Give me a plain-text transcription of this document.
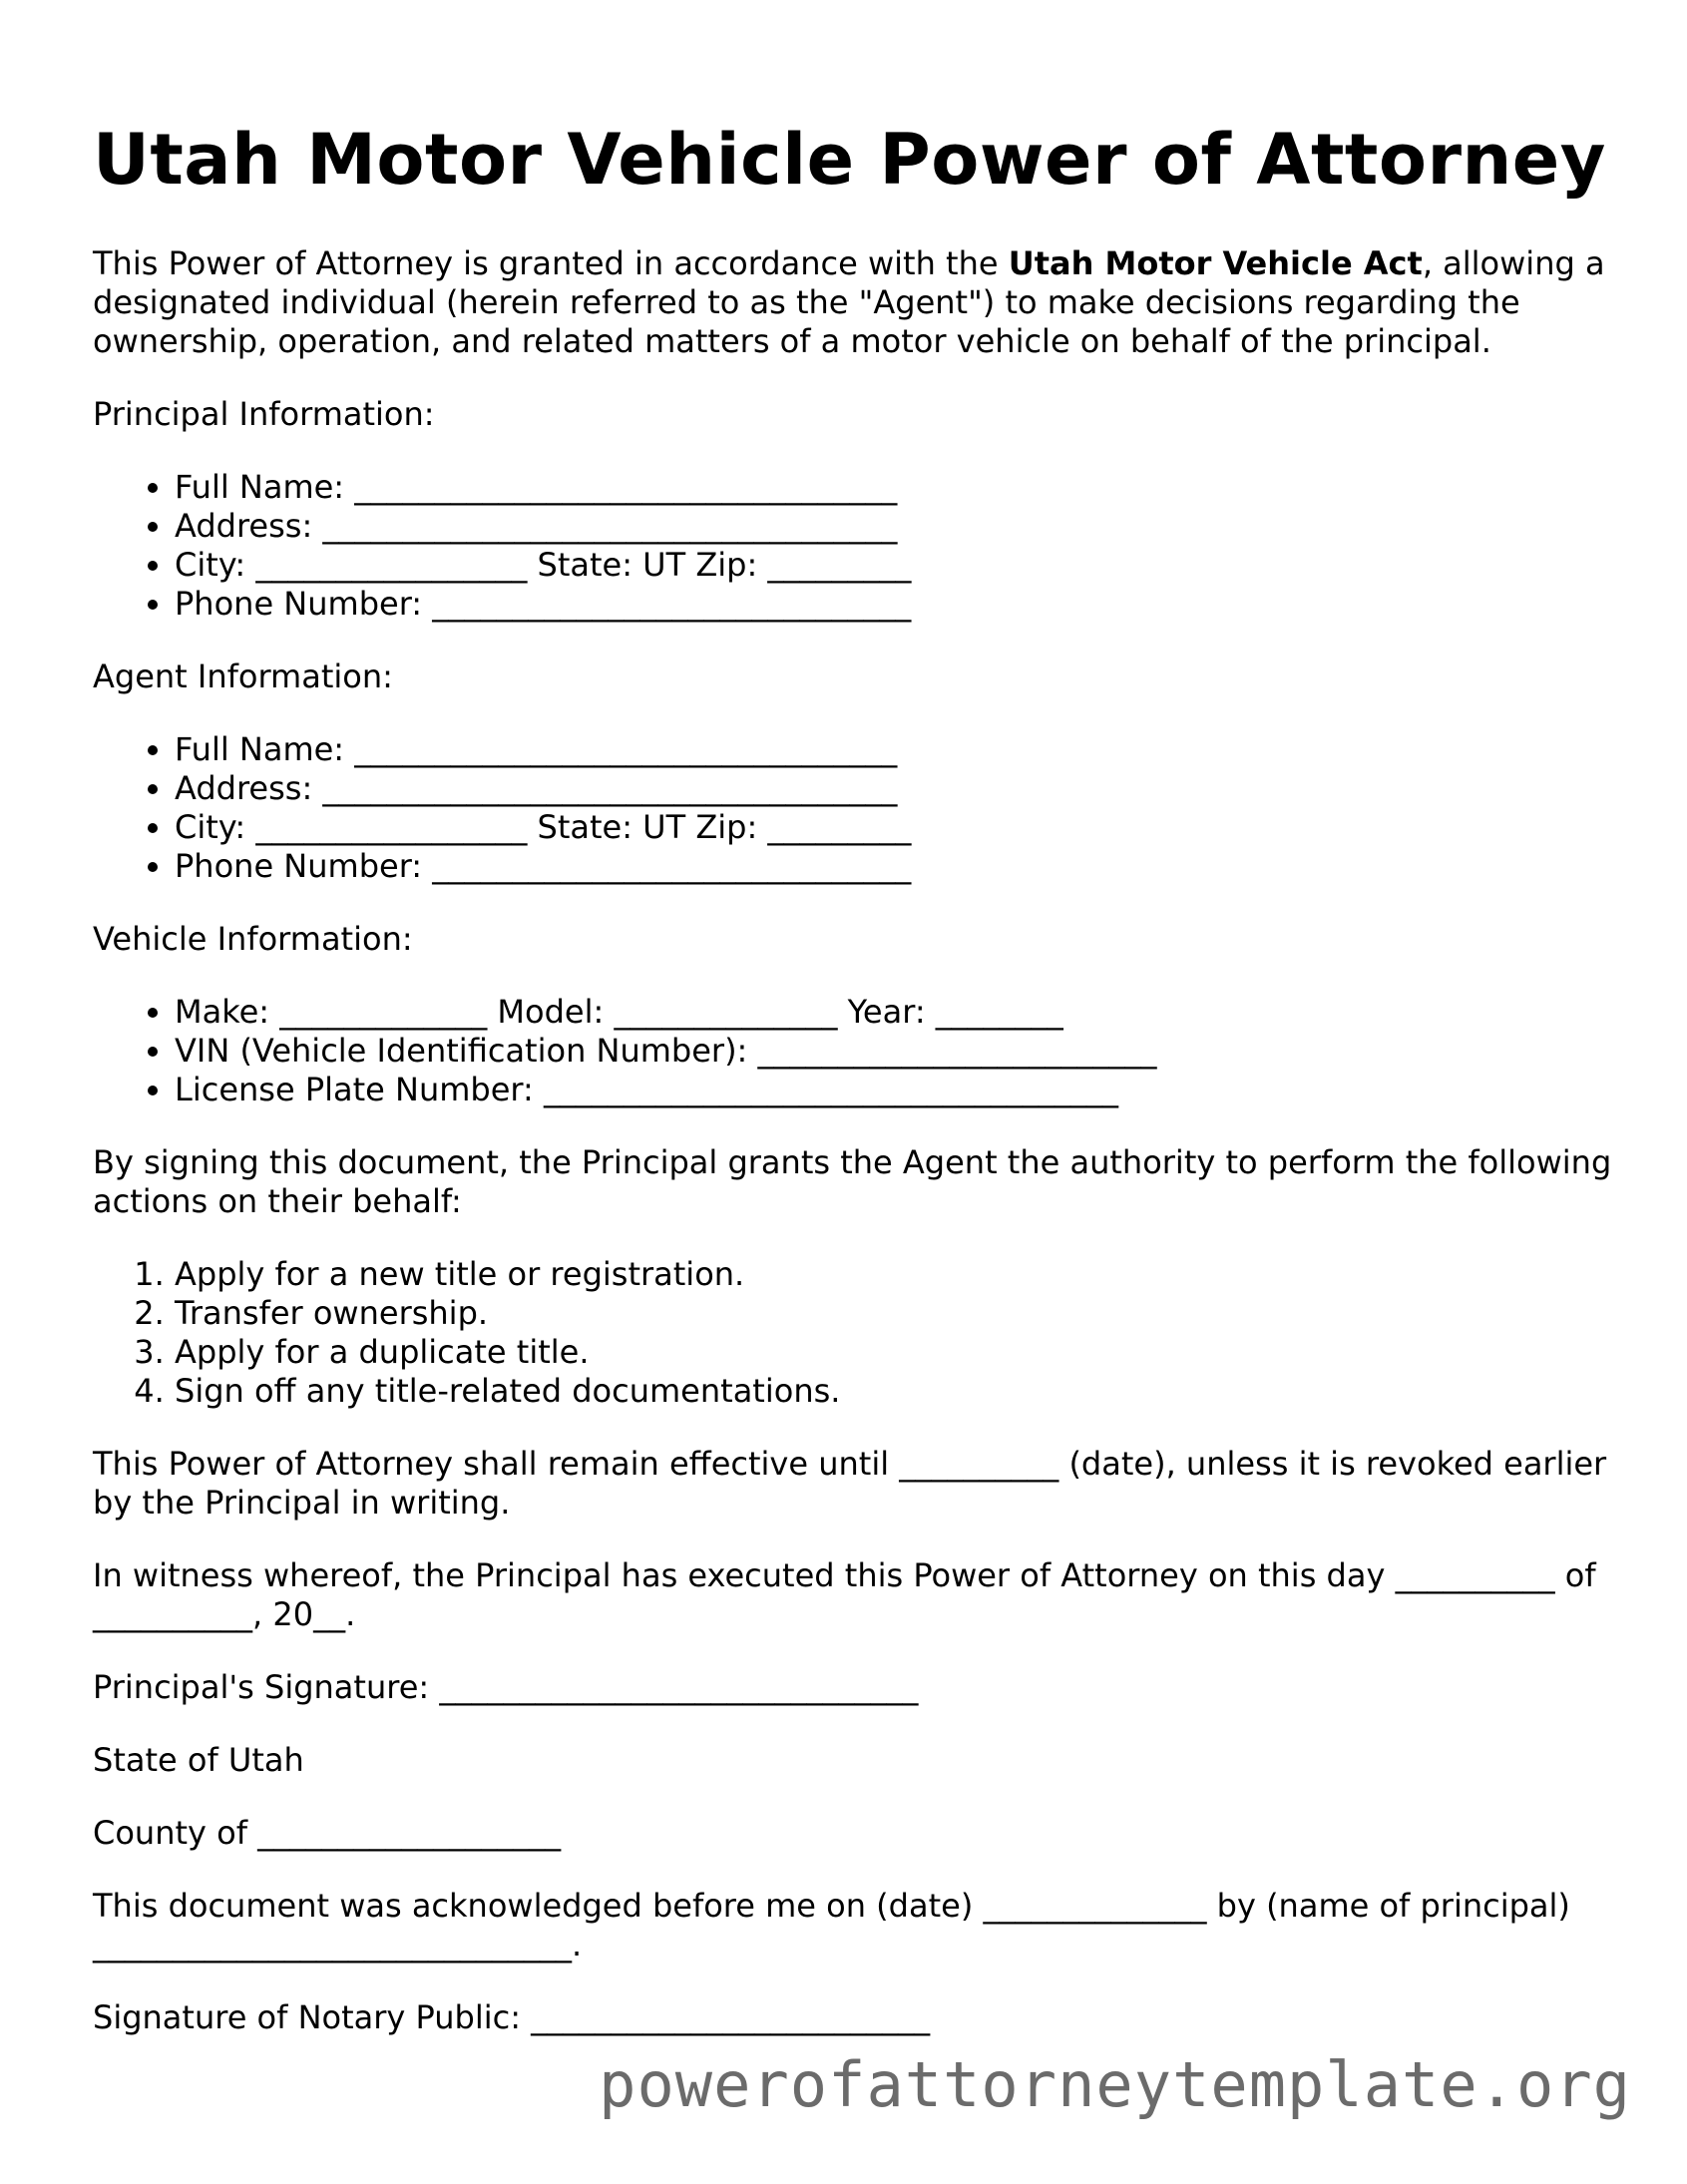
Utah Motor Vehicle Power of Attorney

This Power of Attorney is granted in accordance with the Utah Motor Vehicle Act, allowing a designated individual (herein referred to as the "Agent") to make decisions regarding the ownership, operation, and related matters of a motor vehicle on behalf of the principal.

Principal Information:

• Full Name: __________________________________
• Address: ____________________________________
• City: _________________ State: UT Zip: _________
• Phone Number: ______________________________

Agent Information:

• Full Name: __________________________________
• Address: ____________________________________
• City: _________________ State: UT Zip: _________
• Phone Number: ______________________________

Vehicle Information:

• Make: _____________ Model: ______________ Year: ________
• VIN (Vehicle Identification Number): _________________________
• License Plate Number: ____________________________________

By signing this document, the Principal grants the Agent the authority to perform the following actions on their behalf:

1. Apply for a new title or registration.
2. Transfer ownership.
3. Apply for a duplicate title.
4. Sign off any title-related documentations.

This Power of Attorney shall remain effective until __________ (date), unless it is revoked earlier by the Principal in writing.

In witness whereof, the Principal has executed this Power of Attorney on this day __________ of __________, 20__.

Principal's Signature: ______________________________

State of Utah

County of ___________________

This document was acknowledged before me on (date) ______________ by (name of principal) ______________________________.

Signature of Notary Public: _________________________

powerofattorneytemplate.org
